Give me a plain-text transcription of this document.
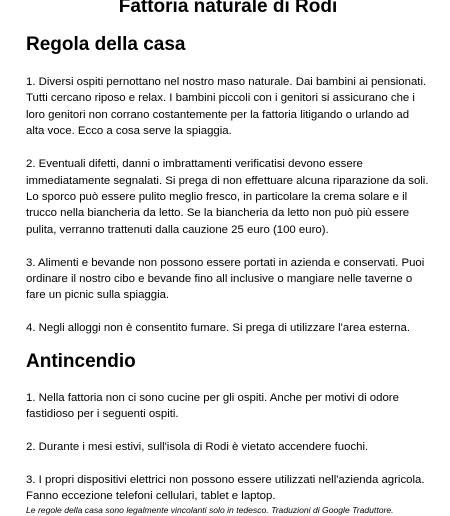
Fattoria naturale di Rodi
Regola della casa
1. Diversi ospiti pernottano nel nostro maso naturale. Dai bambini ai pensionati. Tutti cercano riposo e relax. I bambini piccoli con i genitori si assicurano che i loro genitori non corrano costantemente per la fattoria litigando o urlando ad alta voce. Ecco a cosa serve la spiaggia.
2. Eventuali difetti, danni o imbrattamenti verificatisi devono essere immediatamente segnalati. Si prega di non effettuare alcuna riparazione da soli. Lo sporco può essere pulito meglio fresco, in particolare la crema solare e il trucco nella biancheria da letto. Se la biancheria da letto non può più essere pulita, verranno trattenuti dalla cauzione 25 euro (100 euro).
3. Alimenti e bevande non possono essere portati in azienda e conservati. Puoi ordinare il nostro cibo e bevande fino all inclusive o mangiare nelle taverne o fare un picnic sulla spiaggia.
4. Negli alloggi non è consentito fumare. Si prega di utilizzare l'area esterna.
Antincendio
1. Nella fattoria non ci sono cucine per gli ospiti. Anche per motivi di odore fastidioso per i seguenti ospiti.
2. Durante i mesi estivi, sull'isola di Rodi è vietato accendere fuochi.
3. I propri dispositivi elettrici non possono essere utilizzati nell'azienda agricola. Fanno eccezione telefoni cellulari, tablet e laptop.

Le regole della casa sono legalmente vincolanti solo in tedesco. Traduzioni di Google Traduttore.
